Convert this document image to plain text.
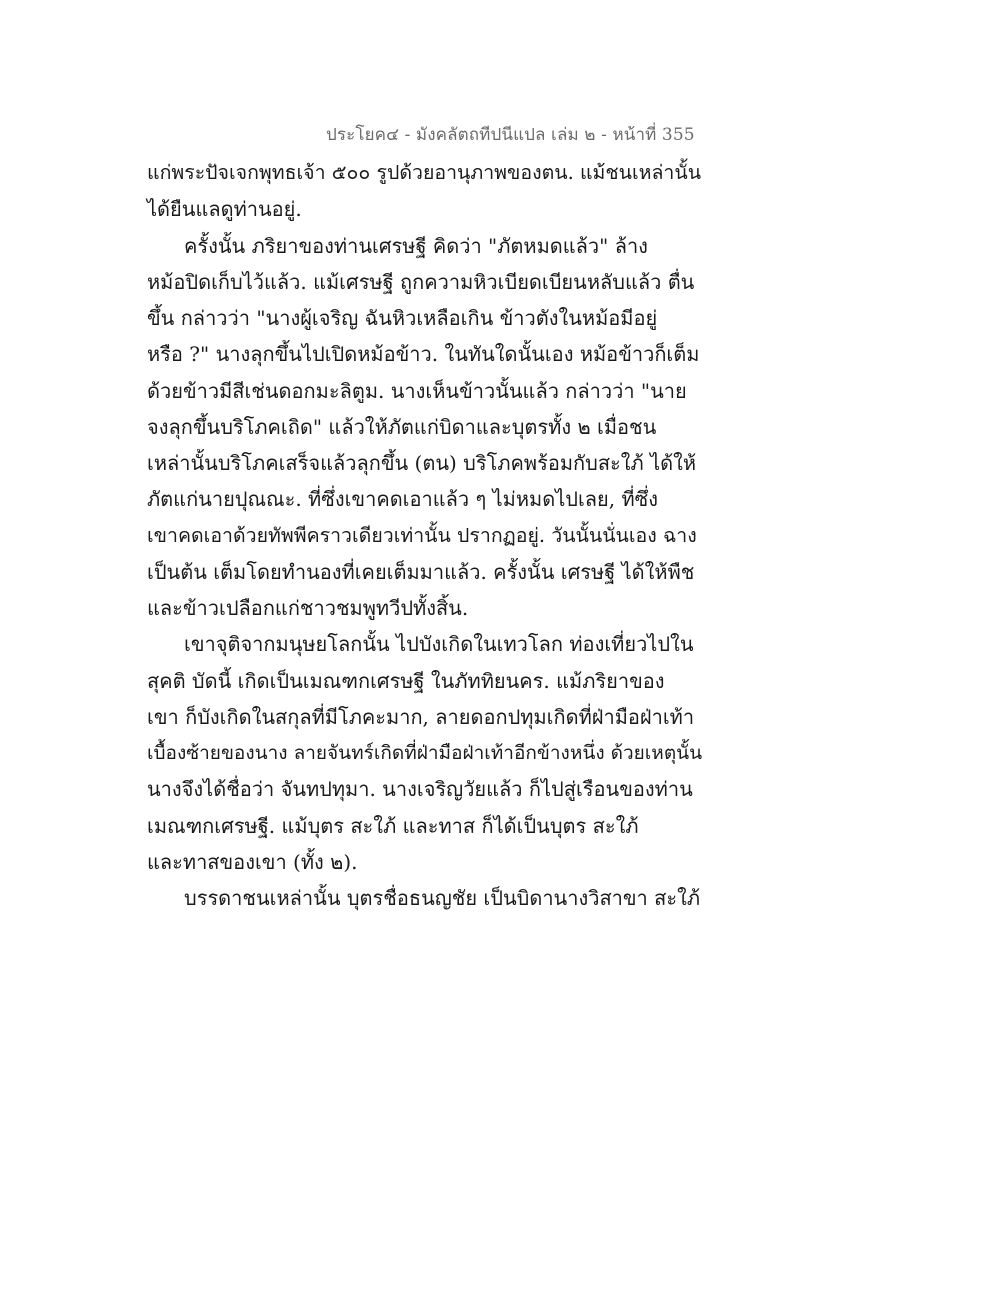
ประโยค๔ - มังคลัตถทีปนีแปล เล่ม ๒ - หน้าที่ 355
แก่พระปัจเจกพุทธเจ้า ๕๐๐ รูปด้วยอานุภาพของตน. แม้ชนเหล่านั้น
ได้ยืนแลดูท่านอยู่.
ครั้งนั้น ภริยาของท่านเศรษฐี คิดว่า "ภัตหมดแล้ว" ล้าง
หม้อปิดเก็บไว้แล้ว. แม้เศรษฐี ถูกความหิวเบียดเบียนหลับแล้ว ตื่น
ขึ้น กล่าวว่า "นางผู้เจริญ ฉันหิวเหลือเกิน ข้าวตังในหม้อมีอยู่
หรือ ?" นางลุกขึ้นไปเปิดหม้อข้าว. ในทันใดนั้นเอง หม้อข้าวก็เต็ม
ด้วยข้าวมีสีเช่นดอกมะลิตูม. นางเห็นข้าวนั้นแล้ว กล่าวว่า "นาย
จงลุกขึ้นบริโภคเถิด" แล้วให้ภัตแก่บิดาและบุตรทั้ง ๒ เมื่อชน
เหล่านั้นบริโภคเสร็จแล้วลุกขึ้น (ตน) บริโภคพร้อมกับสะใภ้ ได้ให้
ภัตแก่นายปุณณะ. ที่ซึ่งเขาคดเอาแล้ว ๆ ไม่หมดไปเลย, ที่ซึ่ง
เขาคดเอาด้วยทัพพีคราวเดียวเท่านั้น ปรากฏอยู่. วันนั้นนั่นเอง ฉาง
เป็นต้น เต็มโดยทำนองที่เคยเต็มมาแล้ว. ครั้งนั้น เศรษฐี ได้ให้พืช
และข้าวเปลือกแก่ชาวชมพูทวีปทั้งสิ้น.
เขาจุติจากมนุษยโลกนั้น ไปบังเกิดในเทวโลก ท่องเที่ยวไปใน
สุคติ บัดนี้ เกิดเป็นเมณฑกเศรษฐี ในภัททิยนคร. แม้ภริยาของ
เขา ก็บังเกิดในสกุลที่มีโภคะมาก, ลายดอกปทุมเกิดที่ฝ่ามือฝ่าเท้า
เบื้องซ้ายของนาง ลายจันทร์เกิดที่ฝ่ามือฝ่าเท้าอีกข้างหนึ่ง ด้วยเหตุนั้น
นางจึงได้ชื่อว่า จันทปทุมา. นางเจริญวัยแล้ว ก็ไปสู่เรือนของท่าน
เมณฑกเศรษฐี. แม้บุตร สะใภ้ และทาส ก็ได้เป็นบุตร สะใภ้
และทาสของเขา (ทั้ง ๒).
บรรดาชนเหล่านั้น บุตรชื่อธนญชัย เป็นบิดานางวิสาขา สะใภ้
